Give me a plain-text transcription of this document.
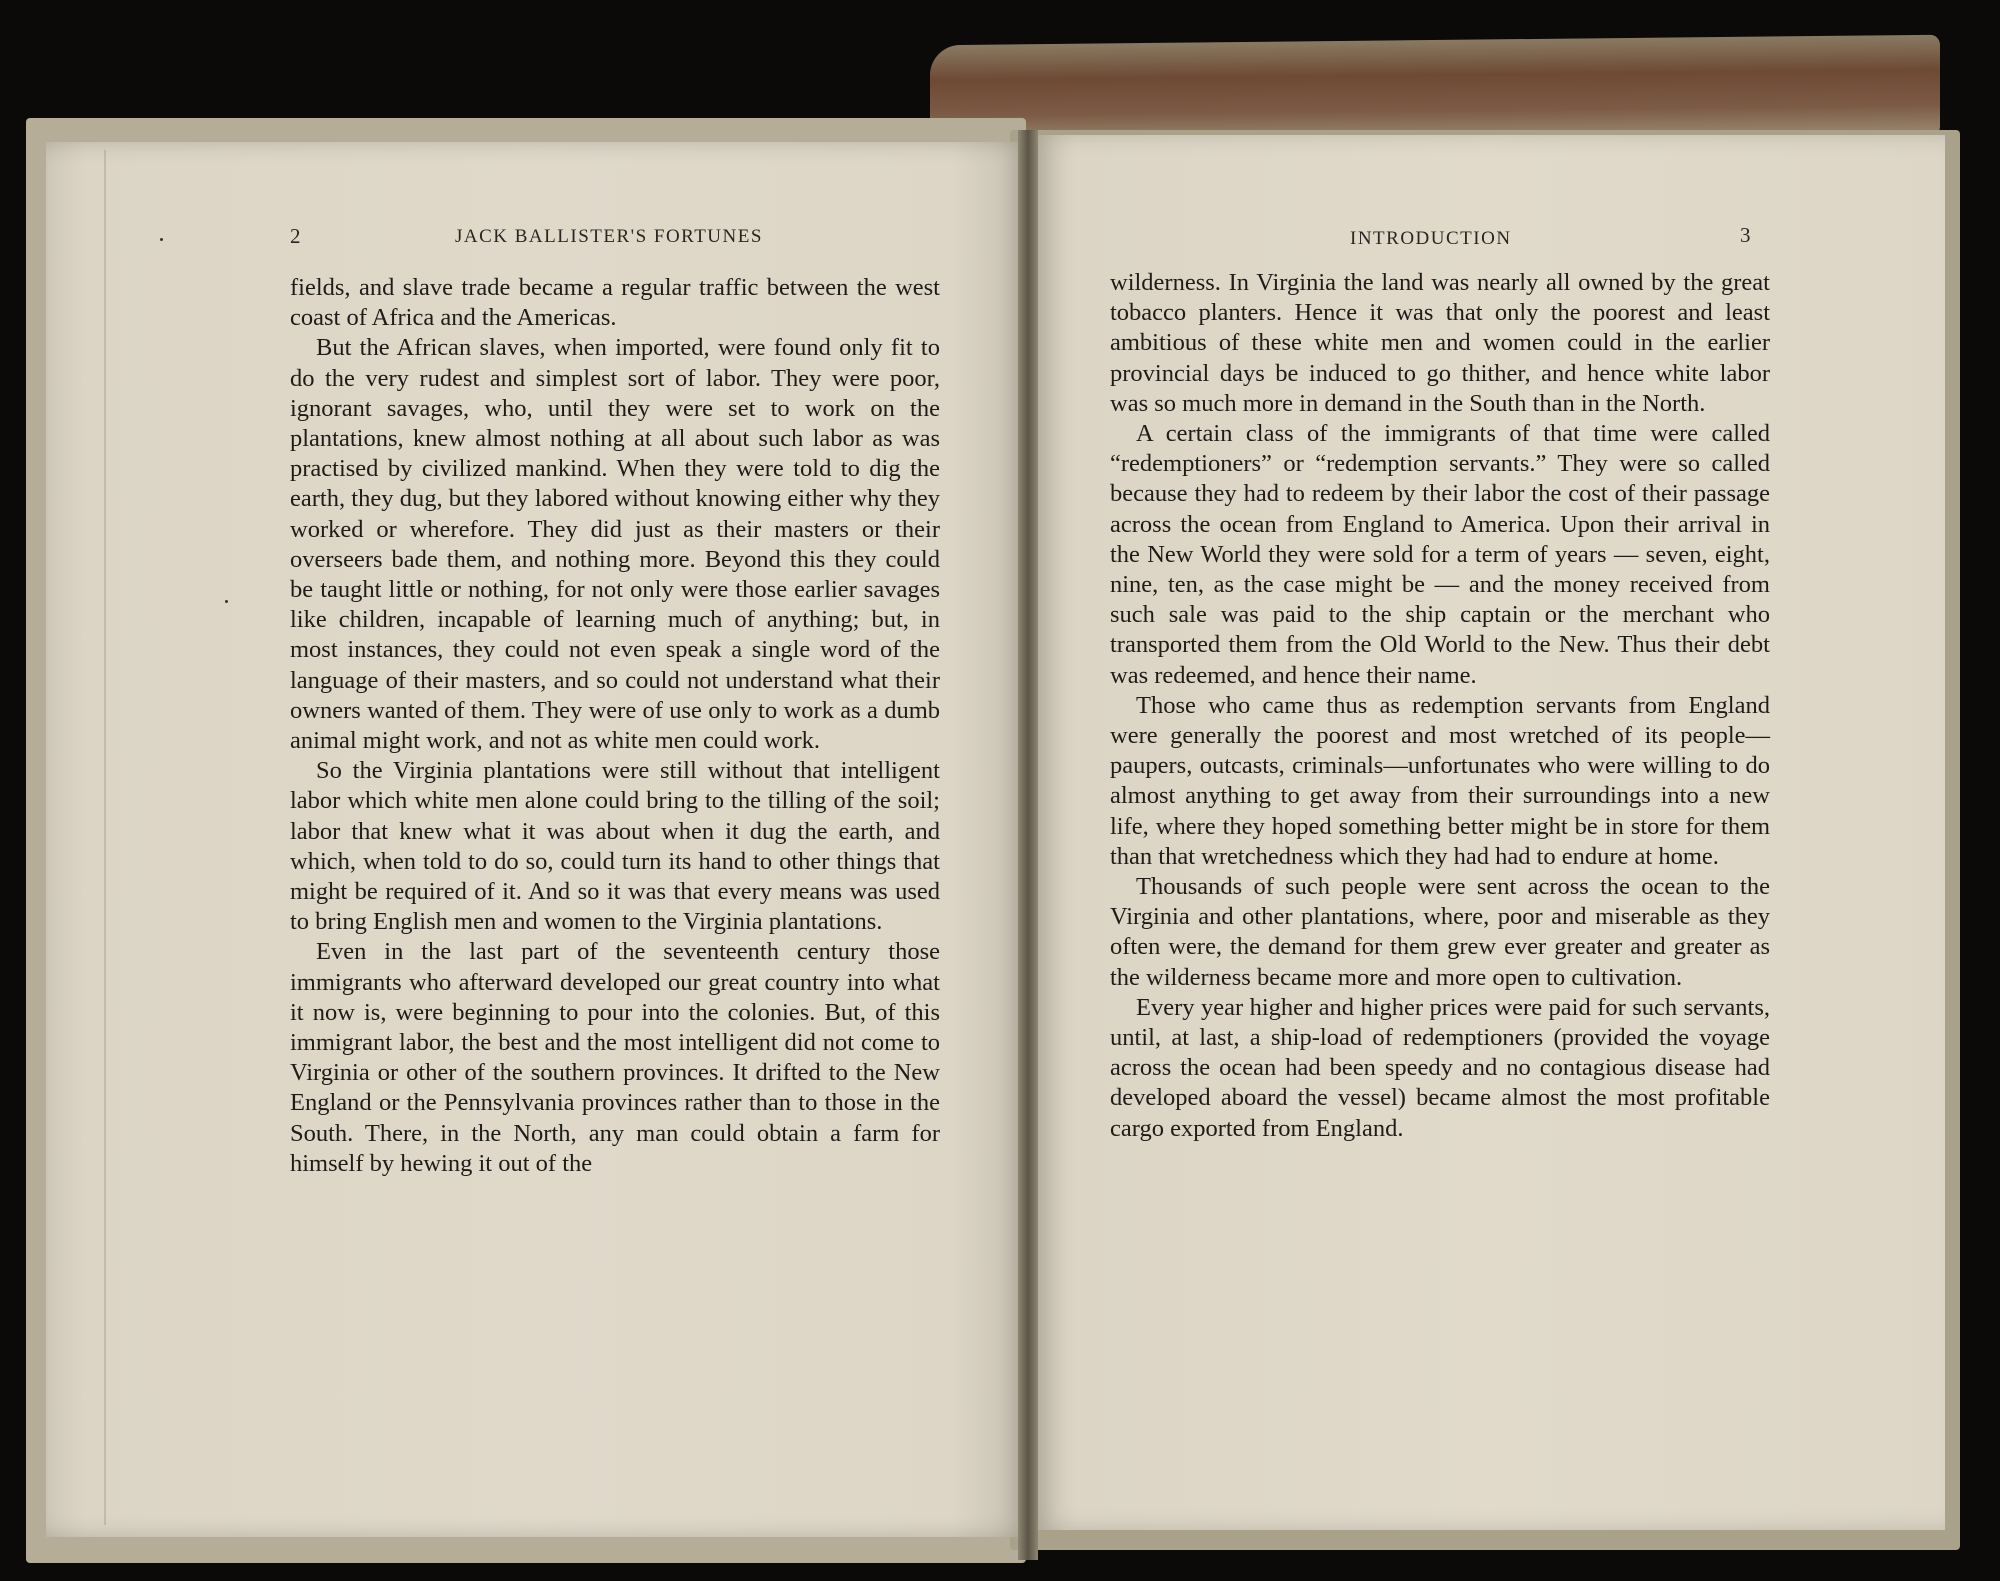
2	JACK BALLISTER'S FORTUNES

fields, and slave trade became a regular traffic between the west coast of Africa and the Americas.

But the African slaves, when imported, were found only fit to do the very rudest and simplest sort of labor. They were poor, ignorant savages, who, until they were set to work on the plantations, knew almost nothing at all about such labor as was practised by civilized mankind. When they were told to dig the earth, they dug, but they labored without knowing either why they worked or wherefore. They did just as their masters or their overseers bade them, and nothing more. Beyond this they could be taught little or nothing, for not only were those earlier savages like children, incapable of learning much of anything; but, in most instances, they could not even speak a single word of the language of their masters, and so could not understand what their owners wanted of them. They were of use only to work as a dumb animal might work, and not as white men could work.

So the Virginia plantations were still without that intelligent labor which white men alone could bring to the tilling of the soil; labor that knew what it was about when it dug the earth, and which, when told to do so, could turn its hand to other things that might be required of it. And so it was that every means was used to bring English men and women to the Virginia plantations.

Even in the last part of the seventeenth century those immigrants who afterward developed our great country into what it now is, were beginning to pour into the colonies. But, of this immigrant labor, the best and the most intelligent did not come to Virginia or other of the southern provinces. It drifted to the New England or the Pennsylvania provinces rather than to those in the South. There, in the North, any man could obtain a farm for himself by hewing it out of the

INTRODUCTION	3

wilderness. In Virginia the land was nearly all owned by the great tobacco planters. Hence it was that only the poorest and least ambitious of these white men and women could in the earlier provincial days be induced to go thither, and hence white labor was so much more in demand in the South than in the North.

A certain class of the immigrants of that time were called “redemptioners” or “redemption servants.” They were so called because they had to redeem by their labor the cost of their passage across the ocean from England to America. Upon their arrival in the New World they were sold for a term of years — seven, eight, nine, ten, as the case might be — and the money received from such sale was paid to the ship captain or the merchant who transported them from the Old World to the New. Thus their debt was redeemed, and hence their name.

Those who came thus as redemption servants from England were generally the poorest and most wretched of its people—paupers, outcasts, criminals—unfortunates who were willing to do almost anything to get away from their surroundings into a new life, where they hoped something better might be in store for them than that wretchedness which they had had to endure at home.

Thousands of such people were sent across the ocean to the Virginia and other plantations, where, poor and miserable as they often were, the demand for them grew ever greater and greater as the wilderness became more and more open to cultivation.

Every year higher and higher prices were paid for such servants, until, at last, a ship-load of redemptioners (provided the voyage across the ocean had been speedy and no contagious disease had developed aboard the vessel) became almost the most profitable cargo exported from England.
